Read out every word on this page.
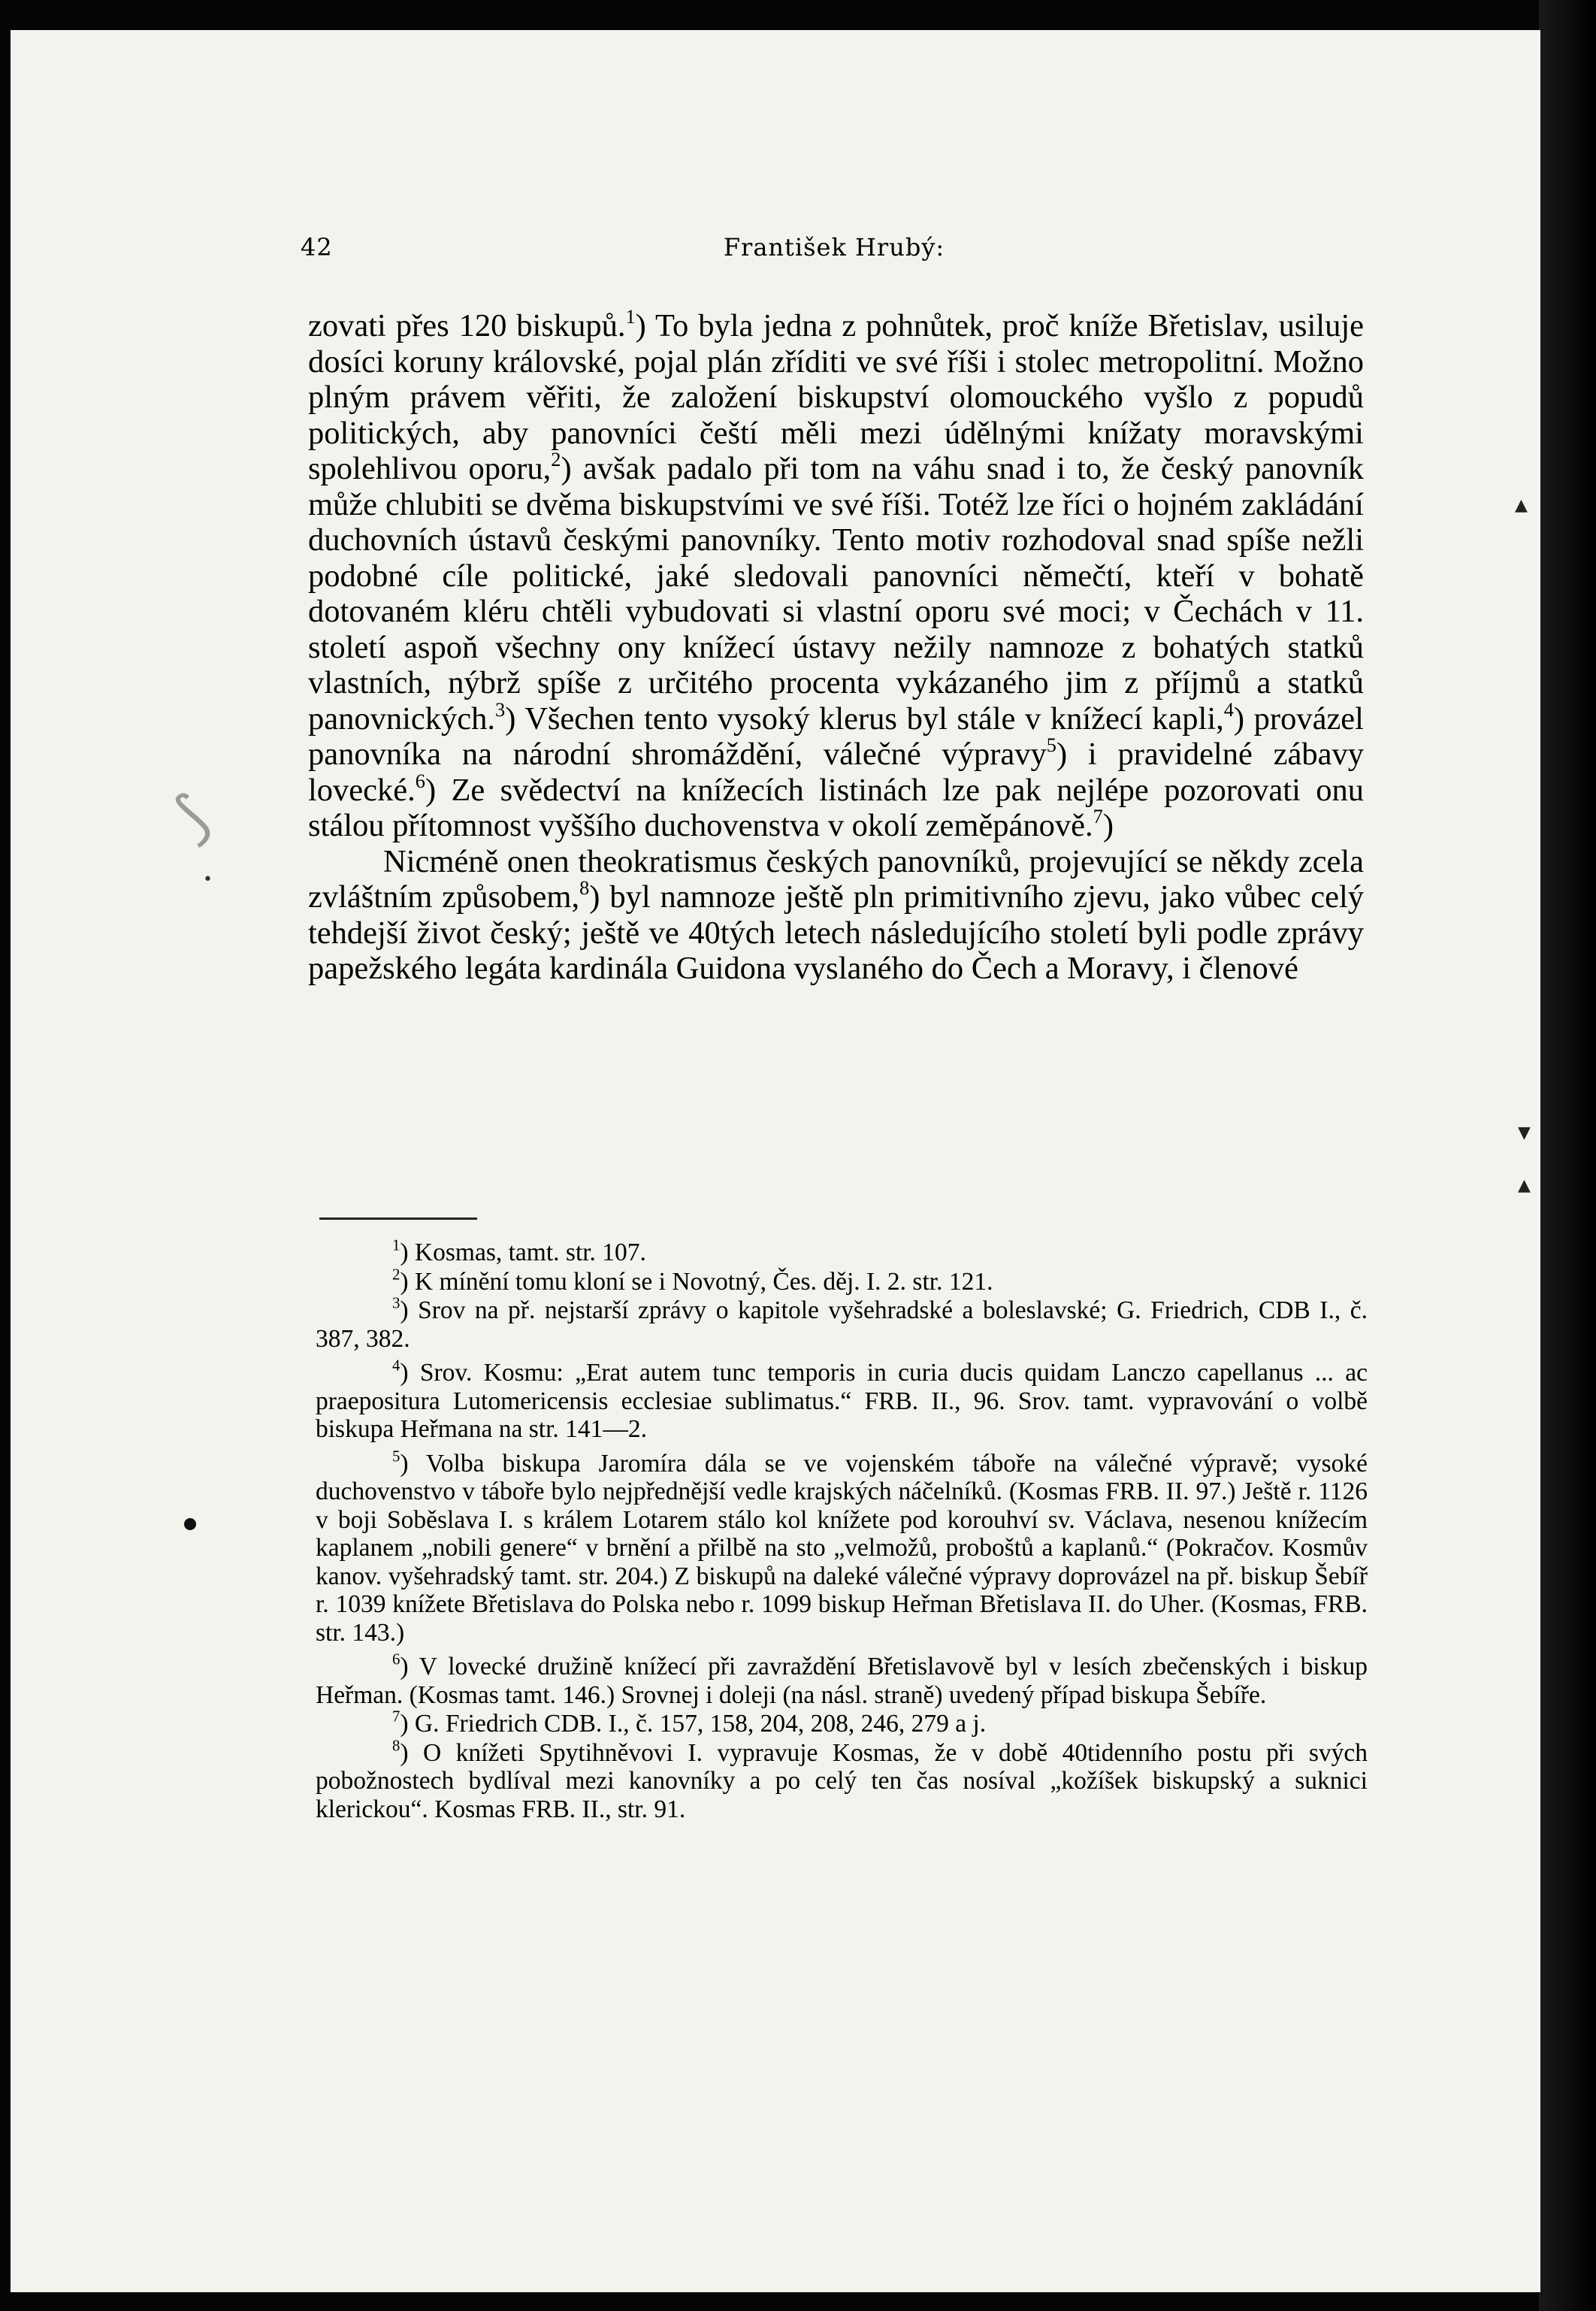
42	František Hrubý:

zovati přes 120 biskupů.$^1$) To byla jedna z pohnůtek, proč kníže Břetislav, usiluje dosíci koruny královské, pojal plán zříditi ve své říši i stolec metropolitní. Možno plným právem věřiti, že založení biskupství olomouckého vyšlo z popudů politických, aby panovníci čeští měli mezi údělnými knížaty moravskými spolehlivou oporu,$^2$) avšak padalo při tom na váhu snad i to, že český panovník může chlubiti se dvěma biskupstvími ve své říši. Totéž lze říci o hojném zakládání duchovních ústavů českými panovníky. Tento motiv rozhodoval snad spíše nežli podobné cíle politické, jaké sledovali panovníci němečtí, kteří v bohatě dotovaném kléru chtěli vybudovati si vlastní oporu své moci; v Čechách v 11. století aspoň všechny ony knížecí ústavy nežily namnoze z bohatých statků vlastních, nýbrž spíše z určitého procenta vykázaného jim z příjmů a statků panovnických.$^3$) Všechen tento vysoký klerus byl stále v knížecí kapli,$^4$) provázel panovníka na národní shromáždění, válečné výpravy$^5$) i pravidelné zábavy lovecké.$^6$) Ze svědectví na knížecích listinách lze pak nejlépe pozorovati onu stálou přítomnost vyššího duchovenstva v okolí zeměpánově.$^7$)

Nicméně onen theokratismus českých panovníků, projevující se někdy zcela zvláštním způsobem,$^8$) byl namnoze ještě pln primitivního zjevu, jako vůbec celý tehdejší život český; ještě ve 40tých letech následujícího století byli podle zprávy papežského legáta kardinála Guidona vyslaného do Čech a Moravy, i členové

$^1$) Kosmas, tamt. str. 107.

$^2$) K mínění tomu kloní se i Novotný, Čes. děj. I. 2. str. 121.

$^3$) Srov na př. nejstarší zprávy o kapitole vyšehradské a boleslavské; G. Friedrich, CDB I., č. 387, 382.

$^4$) Srov. Kosmu: „Erat autem tunc temporis in curia ducis quidam Lanczo capellanus ... ac praepositura Lutomericensis ecclesiae sublimatus.“ FRB. II., 96. Srov. tamt. vypravování o volbě biskupa Heřmana na str. 141—2.

$^5$) Volba biskupa Jaromíra dála se ve vojenském táboře na válečné výpravě; vysoké duchovenstvo v táboře bylo nejpřednější vedle krajských náčelníků. (Kosmas FRB. II. 97.) Ještě r. 1126 v boji Soběslava I. s králem Lotarem stálo kol knížete pod korouhví sv. Václava, nesenou knížecím kaplanem „nobili genere“ v brnění a přilbě na sto „velmožů, proboštů a kaplanů.“ (Pokračov. Kosmův kanov. vyšehradský tamt. str. 204.) Z biskupů na daleké válečné výpravy doprovázel na př. biskup Šebíř r. 1039 knížete Břetislava do Polska nebo r. 1099 biskup Heřman Břetislava II. do Uher. (Kosmas, FRB. str. 143.)

$^6$) V lovecké družině knížecí při zavraždění Břetislavově byl v lesích zbečenských i biskup Heřman. (Kosmas tamt. 146.) Srovnej i doleji (na násl. straně) uvedený případ biskupa Šebíře.

$^7$) G. Friedrich CDB. I., č. 157, 158, 204, 208, 246, 279 a j.

$^8$) O knížeti Spytihněvovi I. vypravuje Kosmas, že v době 40tidenního postu při svých pobožnostech bydlíval mezi kanovníky a po celý ten čas nosíval „kožíšek biskupský a suknici klerickou“. Kosmas FRB. II., str. 91.

▲
▼
▲
⟆
•
